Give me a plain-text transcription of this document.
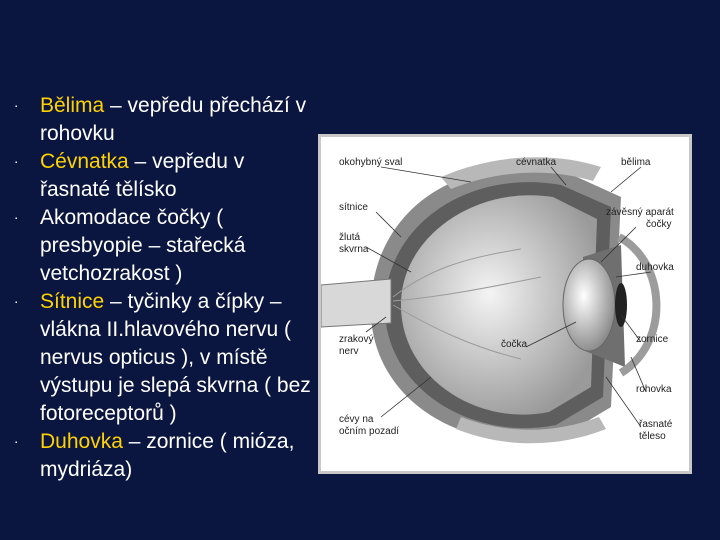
⋅ Bělima – vepředu přechází v rohovku
⋅ Cévnatka – vepředu v řasnaté tělísko
⋅ Akomodace čočky ( presbyopie – stařecká vetchozrakost )
⋅ Sítnice – tyčinky a čípky – vlákna II.hlavového nervu ( nervus opticus ), v místě výstupu je slepá skvrna ( bez fotoreceptorů )
⋅ Duhovka – zornice ( mióza, mydriáza)
okohybný sval	cévnatka	bělima
sítnice	závěsný aparát
čočky
žlutá
skvrna
duhovka
zrakový
nerv
čočka	zornice
rohovka
cévy na
očním pozadí
řasnaté
těleso
